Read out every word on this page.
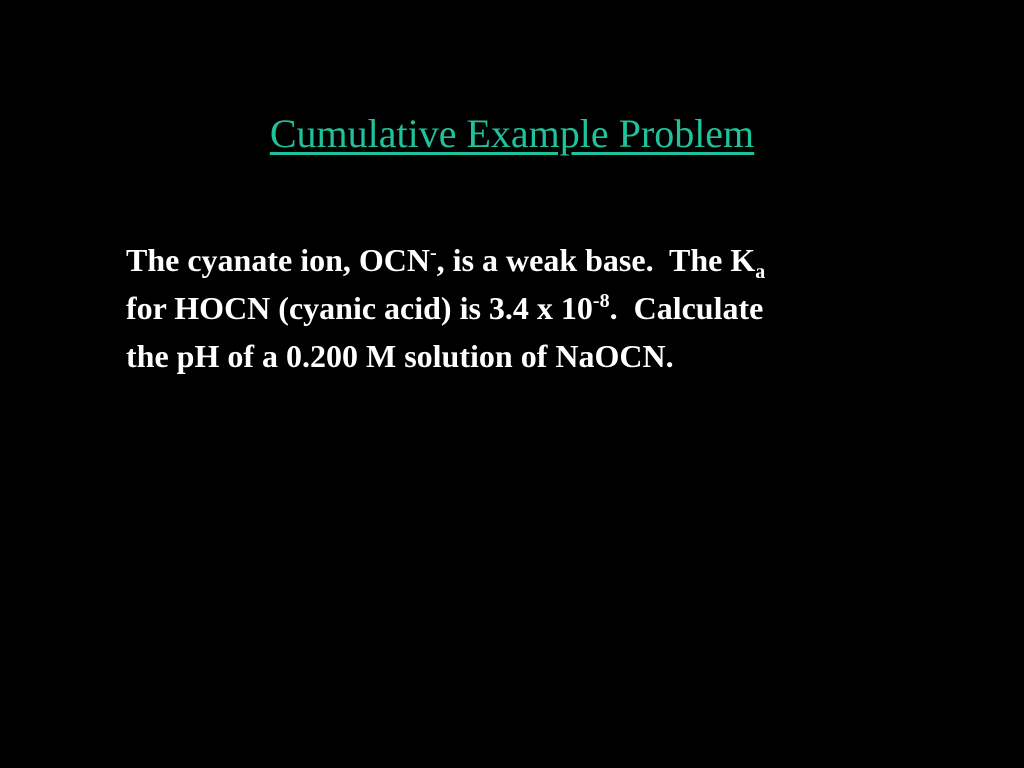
Cumulative Example Problem
The cyanate ion, OCN-, is a weak base.  The $K_a$
for HOCN (cyanic acid) is 3.4 x $10^{-8}$.  Calculate
the pH of a 0.200 M solution of NaOCN.
